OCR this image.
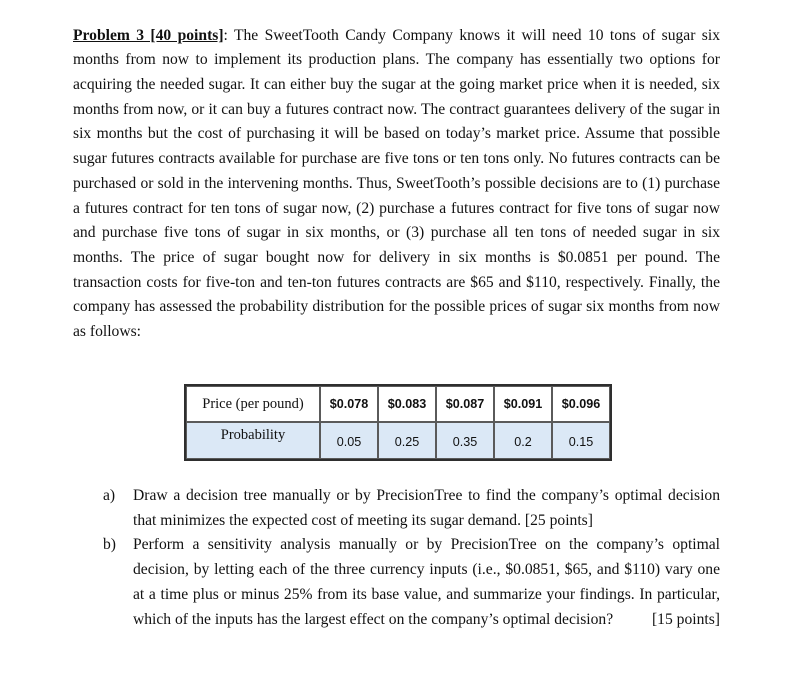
Problem 3 [40 points]: The SweetTooth Candy Company knows it will need 10 tons of sugar six months from now to implement its production plans. The company has essentially two options for acquiring the needed sugar. It can either buy the sugar at the going market price when it is needed, six months from now, or it can buy a futures contract now. The contract guarantees delivery of the sugar in six months but the cost of purchasing it will be based on today’s market price. Assume that possible sugar futures contracts available for purchase are five tons or ten tons only. No futures contracts can be purchased or sold in the intervening months. Thus, SweetTooth’s possible decisions are to (1) purchase a futures contract for ten tons of sugar now, (2) purchase a futures contract for five tons of sugar now and purchase five tons of sugar in six months, or (3) purchase all ten tons of needed sugar in six months. The price of sugar bought now for delivery in six months is $0.0851 per pound. The transaction costs for five-ton and ten-ton futures contracts are $65 and $110, respectively. Finally, the company has assessed the probability distribution for the possible prices of sugar six months from now as follows:

Price (per pound)	$0.078	$0.083	$0.087	$0.091	$0.096
Probability	0.05	0.25	0.35	0.2	0.15
a) Draw a decision tree manually or by PrecisionTree to find the company’s optimal decision that minimizes the expected cost of meeting its sugar demand. [25 points]
b) Perform a sensitivity analysis manually or by PrecisionTree on the company’s optimal decision, by letting each of the three currency inputs (i.e., $0.0851, $65, and $110) vary one at a time plus or minus 25% from its base value, and summarize your findings. In particular, which of the inputs has the largest effect on the company’s optimal decision? [15 points]
